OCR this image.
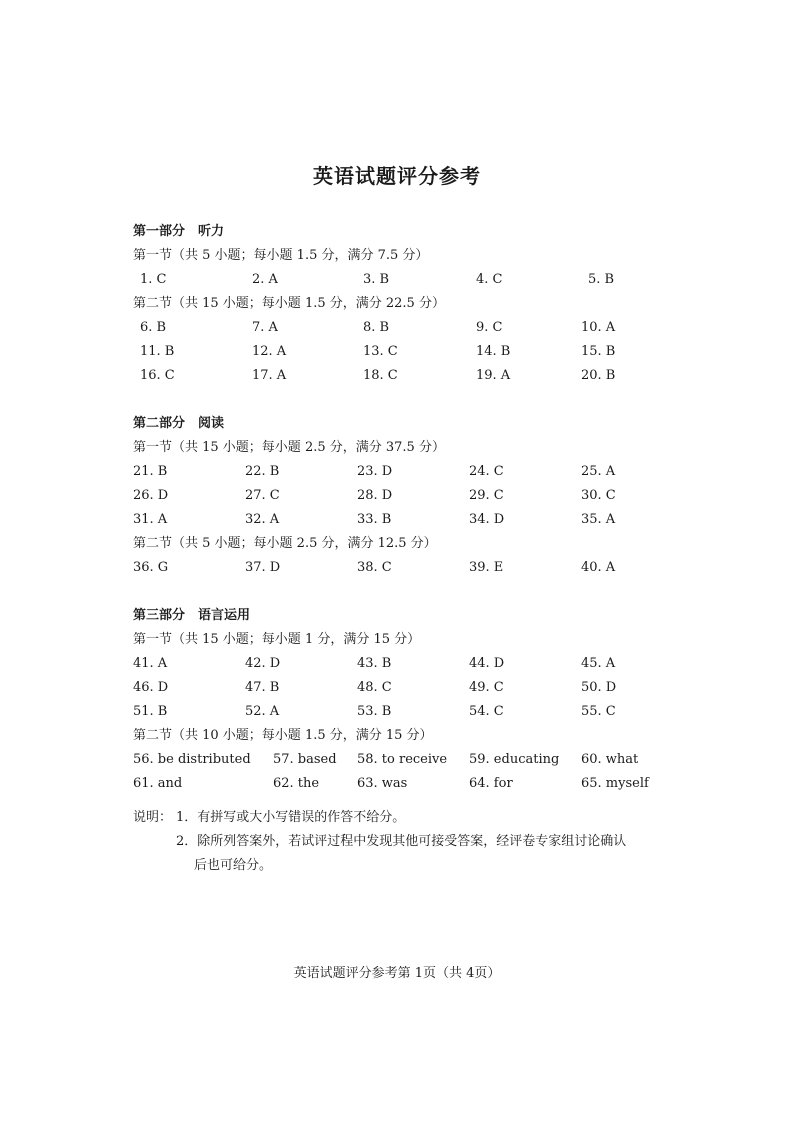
英语试题评分参考
第一部分　听力
第一节（共 5 小题；每小题 1.5 分，满分 7.5 分）
第二节（共 15 小题；每小题 1.5 分，满分 22.5 分）
第二部分　阅读
第一节（共 15 小题；每小题 2.5 分，满分 37.5 分）
第二节（共 5 小题；每小题 2.5 分，满分 12.5 分）
第三部分　语言运用
第一节（共 15 小题；每小题 1 分，满分 15 分）
第二节（共 10 小题；每小题 1.5 分，满分 15 分）
说明： 1．有拼写或大小写错误的作答不给分。
2．除所列答案外，若试评过程中发现其他可接受答案，经评卷专家组讨论确认
后也可给分。
英语试题评分参考第 1页（共 4页）
1. C	2. A	3. B	4. C	5. B
6. B	7. A	8. B	9. C	10. A
11. B	12. A	13. C	14. B	15. B
16. C	17. A	18. C	19. A	20. B
21. B	22. B	23. D	24. C	25. A
26. D	27. C	28. D	29. C	30. C
31. A	32. A	33. B	34. D	35. A
36. G	37. D	38. C	39. E	40. A
41. A	42. D	43. B	44. D	45. A
46. D	47. B	48. C	49. C	50. D
51. B	52. A	53. B	54. C	55. C
56. be distributed 57. based 58. to receive 59. educating 60. what
61. and	62. the	63. was	64. for	65. myself
